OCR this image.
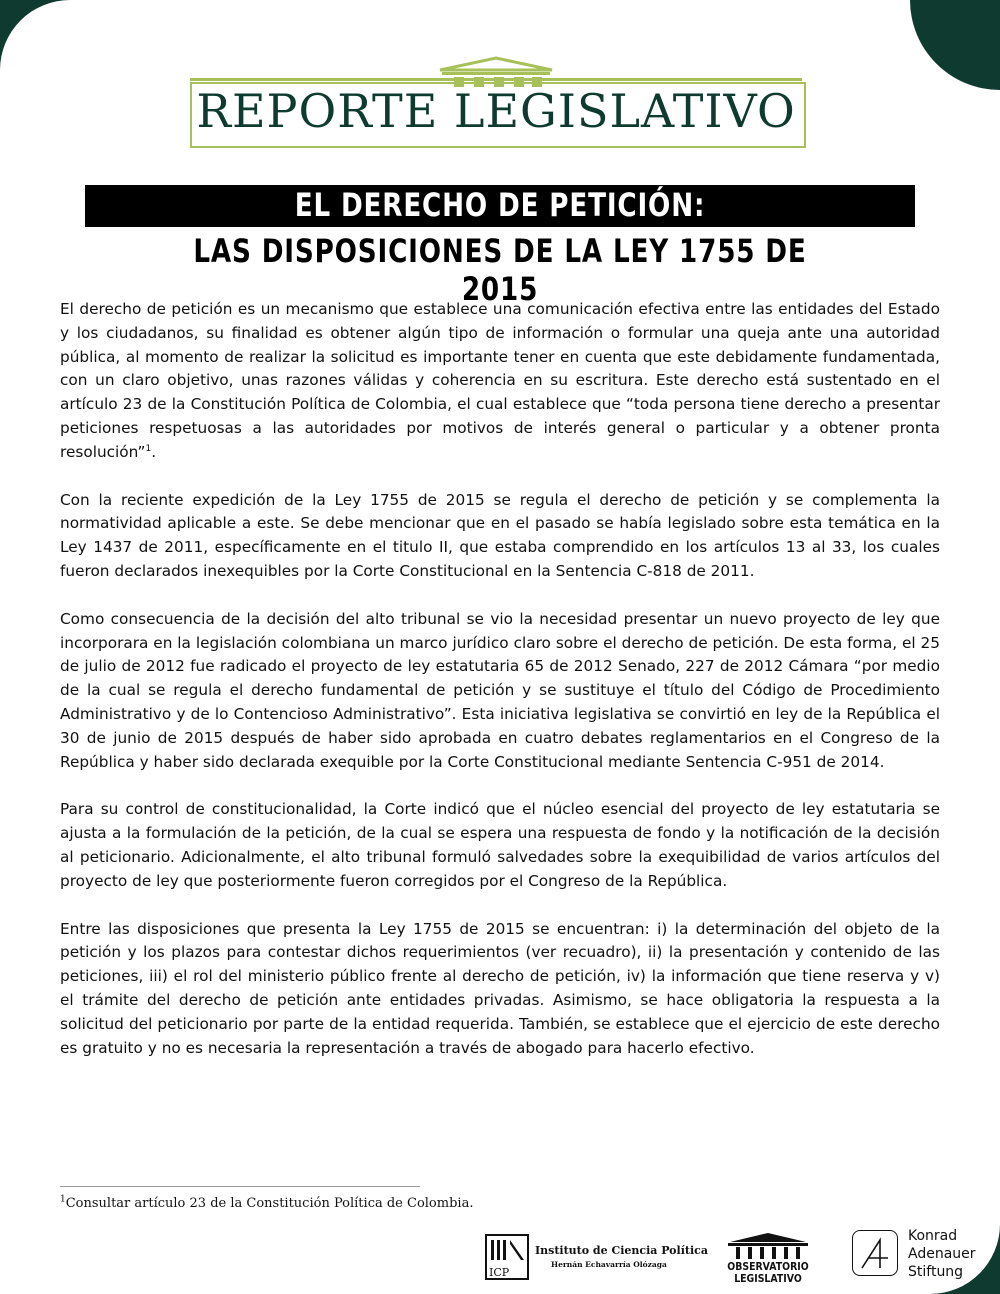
REPORTE LEGISLATIVO
EL DERECHO DE PETICIÓN:
LAS DISPOSICIONES DE LA LEY 1755 DE 2015

El derecho de petición es un mecanismo que establece una comunicación efectiva entre las entidades del Estado y los ciudadanos, su finalidad es obtener algún tipo de información o formular una queja ante una autoridad pública, al momento de realizar la solicitud es importante tener en cuenta que este debidamente fundamentada, con un claro objetivo, unas razones válidas y coherencia en su escritura. Este derecho está sustentado en el artículo 23 de la Constitución Política de Colombia, el cual establece que “toda persona tiene derecho a presentar peticiones respetuosas a las autoridades por motivos de interés general o particular y a obtener pronta resolución”$^1$.

Con la reciente expedición de la Ley 1755 de 2015 se regula el derecho de petición y se complementa la normatividad aplicable a este. Se debe mencionar que en el pasado se había legislado sobre esta temática en la Ley 1437 de 2011, específicamente en el titulo II, que estaba comprendido en los artículos 13 al 33, los cuales fueron declarados inexequibles por la Corte Constitucional en la Sentencia C-818 de 2011.

Como consecuencia de la decisión del alto tribunal se vio la necesidad presentar un nuevo proyecto de ley que incorporara en la legislación colombiana un marco jurídico claro sobre el derecho de petición. De esta forma, el 25 de julio de 2012 fue radicado el proyecto de ley estatutaria 65 de 2012 Senado, 227 de 2012 Cámara “por medio de la cual se regula el derecho fundamental de petición y se sustituye el título del Código de Procedimiento Administrativo y de lo Contencioso Administrativo”. Esta iniciativa legislativa se convirtió en ley de la República el 30 de junio de 2015 después de haber sido aprobada en cuatro debates reglamentarios en el Congreso de la República y haber sido declarada exequible por la Corte Constitucional mediante Sentencia C-951 de 2014.

Para su control de constitucionalidad, la Corte indicó que el núcleo esencial del proyecto de ley estatutaria se ajusta a la formulación de la petición, de la cual se espera una respuesta de fondo y la notificación de la decisión al peticionario. Adicionalmente, el alto tribunal formuló salvedades sobre la exequibilidad de varios artículos del proyecto de ley que posteriormente fueron corregidos por el Congreso de la República.

Entre las disposiciones que presenta la Ley 1755 de 2015 se encuentran: i) la determinación del objeto de la petición y los plazos para contestar dichos requerimientos (ver recuadro), ii) la presentación y contenido de las peticiones, iii) el rol del ministerio público frente al derecho de petición, iv) la información que tiene reserva y v) el trámite del derecho de petición ante entidades privadas. Asimismo, se hace obligatoria la respuesta a la solicitud del peticionario por parte de la entidad requerida. También, se establece que el ejercicio de este derecho es gratuito y no es necesaria la representación a través de abogado para hacerlo efectivo.

$^1$Consultar artículo 23 de la Constitución Política de Colombia.
ICP
Instituto de Ciencia Política
Hernán Echavarría Olózaga	OBSERVATORIO
LEGISLATIVO
Konrad
Adenauer
Stiftung
